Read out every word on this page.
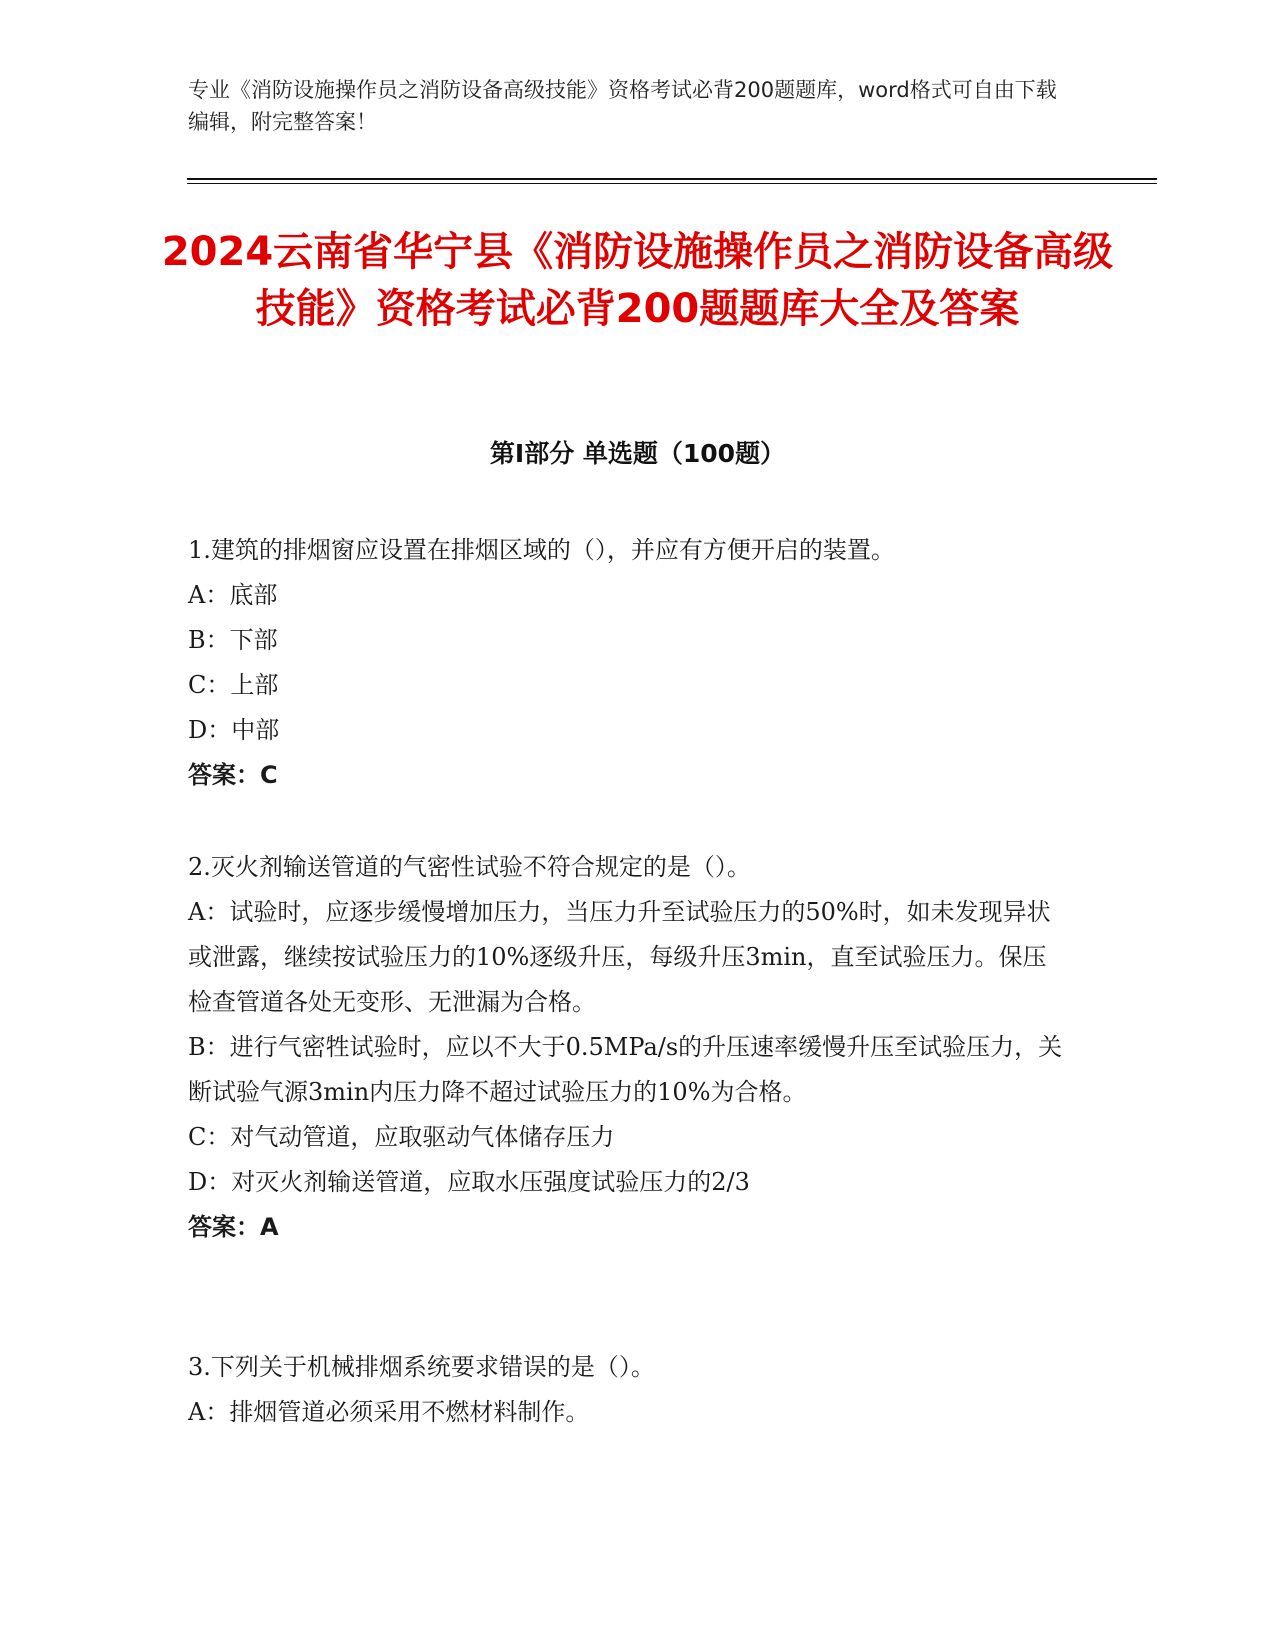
专业《消防设施操作员之消防设备高级技能》资格考试必背200题题库，word格式可自由下载编辑，附完整答案！
2024云南省华宁县《消防设施操作员之消防设备高级技能》资格考试必背200题题库大全及答案
第I部分 单选题（100题）

1.建筑的排烟窗应设置在排烟区域的（），并应有方便开启的装置。

A：底部

B：下部

C：上部

D：中部

答案：C

2.灭火剂输送管道的气密性试验不符合规定的是（）。

A：试验时，应逐步缓慢增加压力，当压力升至试验压力的50%时，如未发现异状或泄露，继续按试验压力的10%逐级升压，每级升压3min，直至试验压力。保压检查管道各处无变形、无泄漏为合格。

B：进行气密牲试验时，应以不大于0.5MPa/s的升压速率缓慢升压至试验压力，关断试验气源3min内压力降不超过试验压力的10%为合格。

C：对气动管道，应取驱动气体储存压力

D：对灭火剂输送管道，应取水压强度试验压力的2/3

答案：A

3.下列关于机械排烟系统要求错误的是（）。

A：排烟管道必须采用不燃材料制作。
